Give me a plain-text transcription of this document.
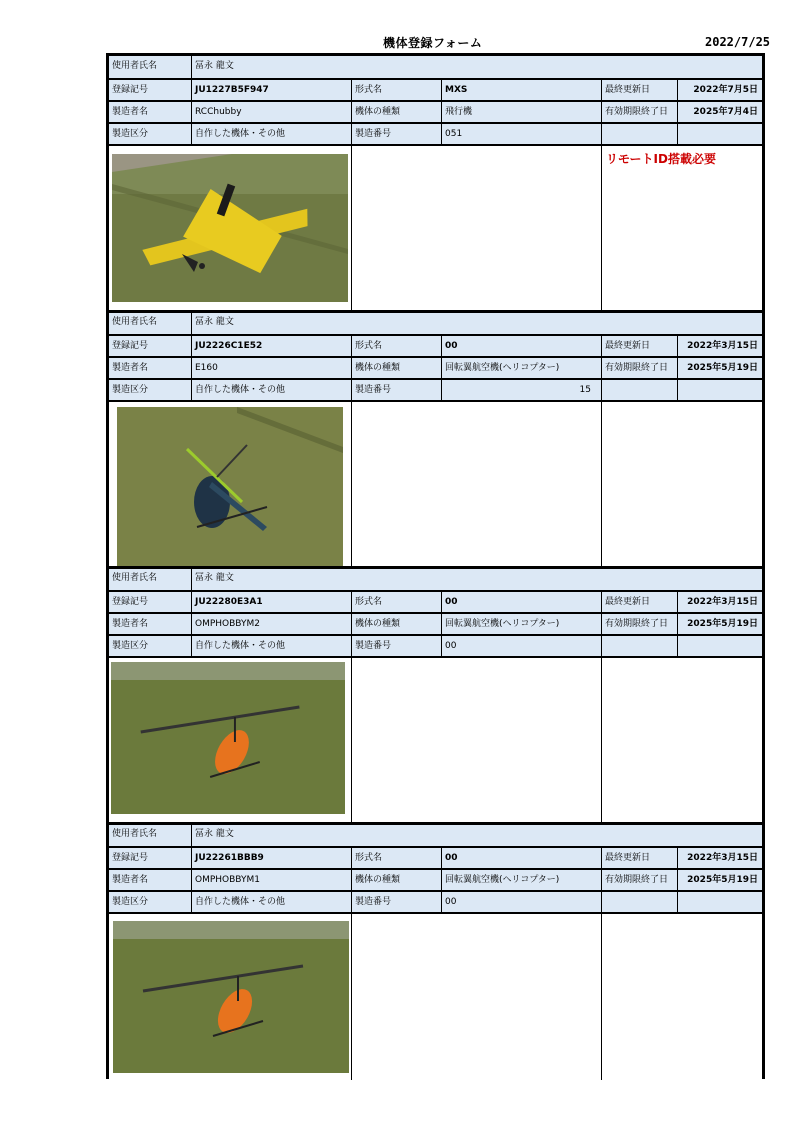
機体登録フォーム	2022/7/25
使用者氏名	冨永 龍文
登録記号	JU1227B5F947	形式名	MXS	最終更新日	2022年7月5日
製造者名	RCChubby	機体の種類	飛行機	有効期限終了日	2025年7月4日
製造区分	自作した機体・その他	製造番号	051
リモートID搭載必要
使用者氏名	冨永 龍文
登録記号	JU2226C1E52	形式名	00	最終更新日	2022年3月15日
製造者名	E160	機体の種類	回転翼航空機(ヘリコプター)	有効期限終了日	2025年5月19日
製造区分	自作した機体・その他	製造番号	15
使用者氏名	冨永 龍文
登録記号	JU22280E3A1	形式名	00	最終更新日	2022年3月15日
製造者名	OMPHOBBYM2	機体の種類	回転翼航空機(ヘリコプター)	有効期限終了日	2025年5月19日
製造区分	自作した機体・その他	製造番号	00
使用者氏名	冨永 龍文
登録記号	JU22261BBB9	形式名	00	最終更新日	2022年3月15日
製造者名	OMPHOBBYM1	機体の種類	回転翼航空機(ヘリコプター)	有効期限終了日	2025年5月19日
製造区分	自作した機体・その他	製造番号	00
